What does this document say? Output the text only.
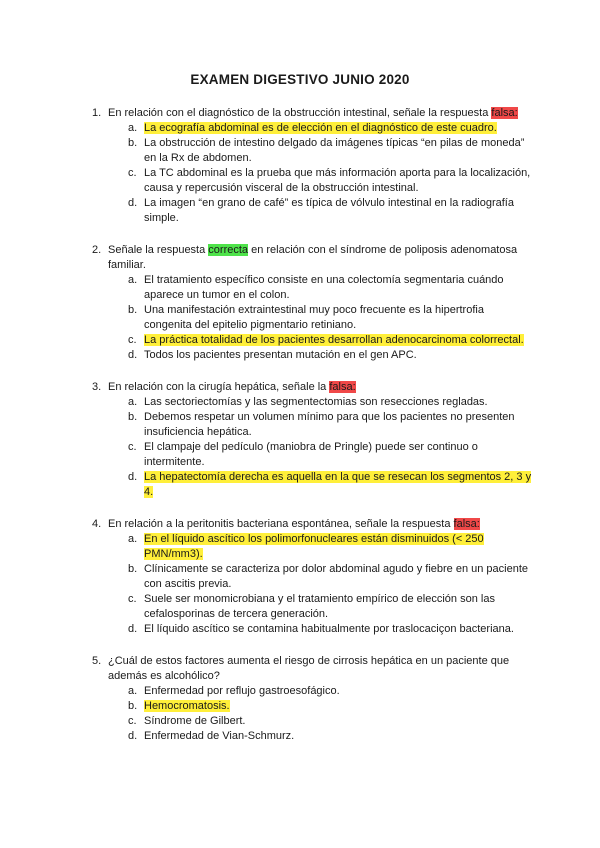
EXAMEN DIGESTIVO JUNIO 2020
1. En relación con el diagnóstico de la obstrucción intestinal, señale la respuesta falsa:
a. La ecografía abdominal es de elección en el diagnóstico de este cuadro.
b. La obstrucción de intestino delgado da imágenes típicas “en pilas de moneda” en la Rx de abdomen.
c. La TC abdominal es la prueba que más información aporta para la localización, causa y repercusión visceral de la obstrucción intestinal.
d. La imagen “en grano de café” es típica de vólvulo intestinal en la radiografía simple.
2. Señale la respuesta correcta en relación con el síndrome de poliposis adenomatosa familiar.
a. El tratamiento específico consiste en una colectomía segmentaria cuándo aparece un tumor en el colon.
b. Una manifestación extraintestinal muy poco frecuente es la hipertrofia congenita del epitelio pigmentario retiniano.
c. La práctica totalidad de los pacientes desarrollan adenocarcinoma colorrectal.
d. Todos los pacientes presentan mutación en el gen APC.
3. En relación con la cirugía hepática, señale la falsa:
a. Las sectoriectomías y las segmentectomias son resecciones regladas.
b. Debemos respetar un volumen mínimo para que los pacientes no presenten insuficiencia hepática.
c. El clampaje del pedículo (maniobra de Pringle) puede ser continuo o intermitente.
d. La hepatectomía derecha es aquella en la que se resecan los segmentos 2, 3 y 4.
4. En relación a la peritonitis bacteriana espontánea, señale la respuesta falsa:
a. En el líquido ascítico los polimorfonucleares están disminuidos (< 250 PMN/mm3).
b. Clínicamente se caracteriza por dolor abdominal agudo y fiebre en un paciente con ascitis previa.
c. Suele ser monomicrobiana y el tratamiento empírico de elección son las cefalosporinas de tercera generación.
d. El líquido ascítico se contamina habitualmente por traslocaciçon bacteriana.
5. ¿Cuál de estos factores aumenta el riesgo de cirrosis hepática en un paciente que además es alcohólico?
a. Enfermedad por reflujo gastroesofágico.
b. Hemocromatosis.
c. Síndrome de Gilbert.
d. Enfermedad de Vian-Schmurz.
